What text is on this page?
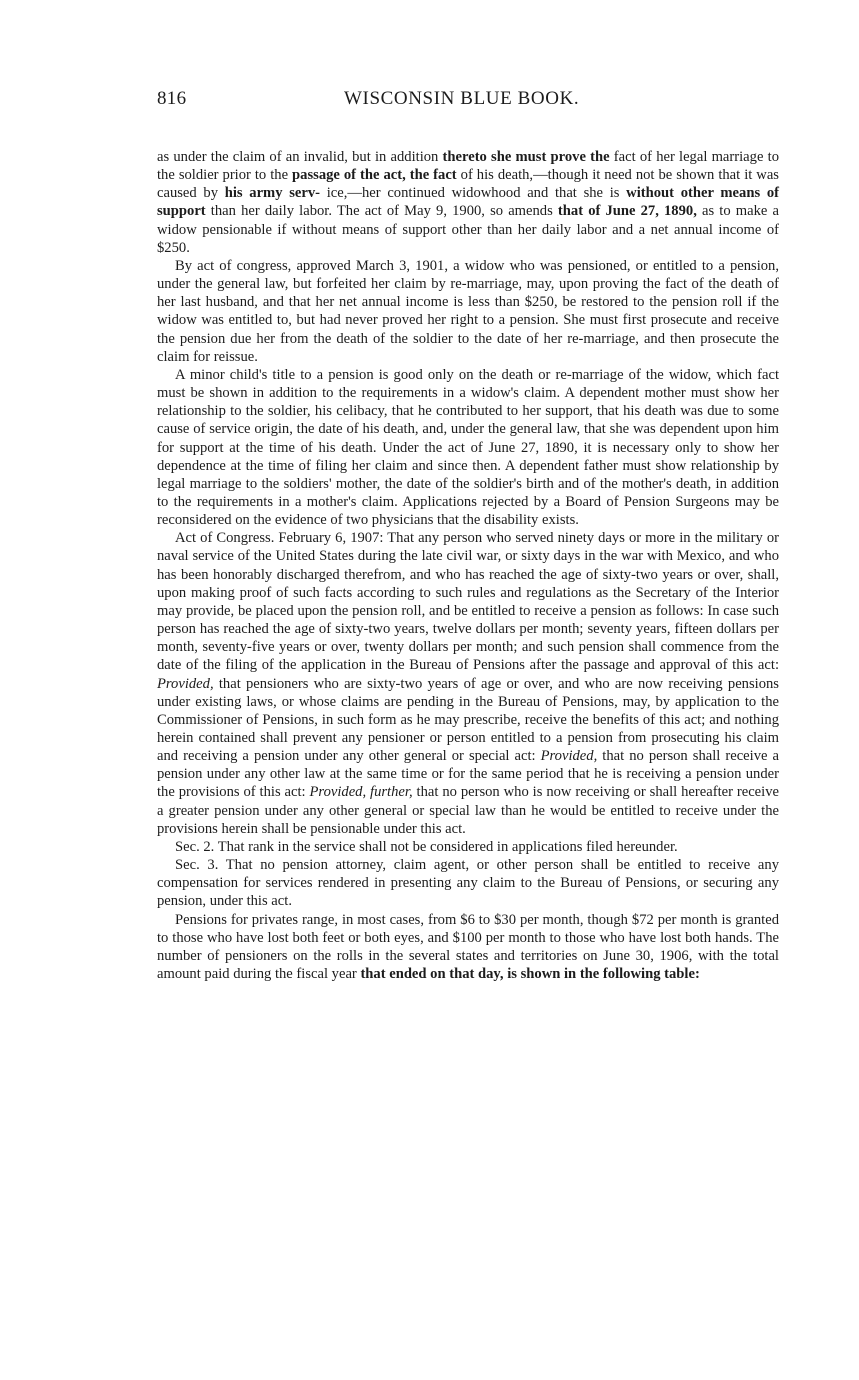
816	WISCONSIN BLUE BOOK.

as under the claim of an invalid, but in addition thereto she must prove the fact of her legal marriage to the soldier prior to the passage of the act, the fact of his death,—though it need not be shown that it was caused by his army serv- ice,—her continued widowhood and that she is without other means of support than her daily labor. The act of May 9, 1900, so amends that of June 27, 1890, as to make a widow pensionable if without means of support other than her daily labor and a net annual income of $250.

By act of congress, approved March 3, 1901, a widow who was pensioned, or entitled to a pension, under the general law, but forfeited her claim by re-marriage, may, upon proving the fact of the death of her last husband, and that her net annual income is less than $250, be restored to the pension roll if the widow was entitled to, but had never proved her right to a pension. She must first prosecute and receive the pension due her from the death of the soldier to the date of her re-marriage, and then prosecute the claim for reissue.

A minor child's title to a pension is good only on the death or re-marriage of the widow, which fact must be shown in addition to the requirements in a widow's claim. A dependent mother must show her relationship to the soldier, his celibacy, that he contributed to her support, that his death was due to some cause of service origin, the date of his death, and, under the general law, that she was dependent upon him for support at the time of his death. Under the act of June 27, 1890, it is necessary only to show her dependence at the time of filing her claim and since then. A dependent father must show relationship by legal marriage to the soldiers' mother, the date of the soldier's birth and of the mother's death, in addition to the requirements in a mother's claim. Applications rejected by a Board of Pension Surgeons may be reconsidered on the evidence of two physicians that the disability exists.

Act of Congress. February 6, 1907: That any person who served ninety days or more in the military or naval service of the United States during the late civil war, or sixty days in the war with Mexico, and who has been honorably discharged therefrom, and who has reached the age of sixty-two years or over, shall, upon making proof of such facts according to such rules and regulations as the Secretary of the Interior may provide, be placed upon the pension roll, and be entitled to receive a pension as follows: In case such person has reached the age of sixty-two years, twelve dollars per month; seventy years, fifteen dollars per month, seventy-five years or over, twenty dollars per month; and such pension shall commence from the date of the filing of the application in the Bureau of Pensions after the passage and approval of this act: Provided, that pensioners who are sixty-two years of age or over, and who are now receiving pensions under existing laws, or whose claims are pending in the Bureau of Pensions, may, by application to the Commissioner of Pensions, in such form as he may prescribe, receive the benefits of this act; and nothing herein contained shall prevent any pensioner or person entitled to a pension from prosecuting his claim and receiving a pension under any other general or special act: Provided, that no person shall receive a pension under any other law at the same time or for the same period that he is receiving a pension under the provisions of this act: Provided, further, that no person who is now receiving or shall hereafter receive a greater pension under any other general or special law than he would be entitled to receive under the provisions herein shall be pensionable under this act.

Sec. 2. That rank in the service shall not be considered in applications filed hereunder.

Sec. 3. That no pension attorney, claim agent, or other person shall be entitled to receive any compensation for services rendered in presenting any claim to the Bureau of Pensions, or securing any pension, under this act.

Pensions for privates range, in most cases, from $6 to $30 per month, though $72 per month is granted to those who have lost both feet or both eyes, and $100 per month to those who have lost both hands. The number of pensioners on the rolls in the several states and territories on June 30, 1906, with the total amount paid during the fiscal year that ended on that day, is shown in the following table:
